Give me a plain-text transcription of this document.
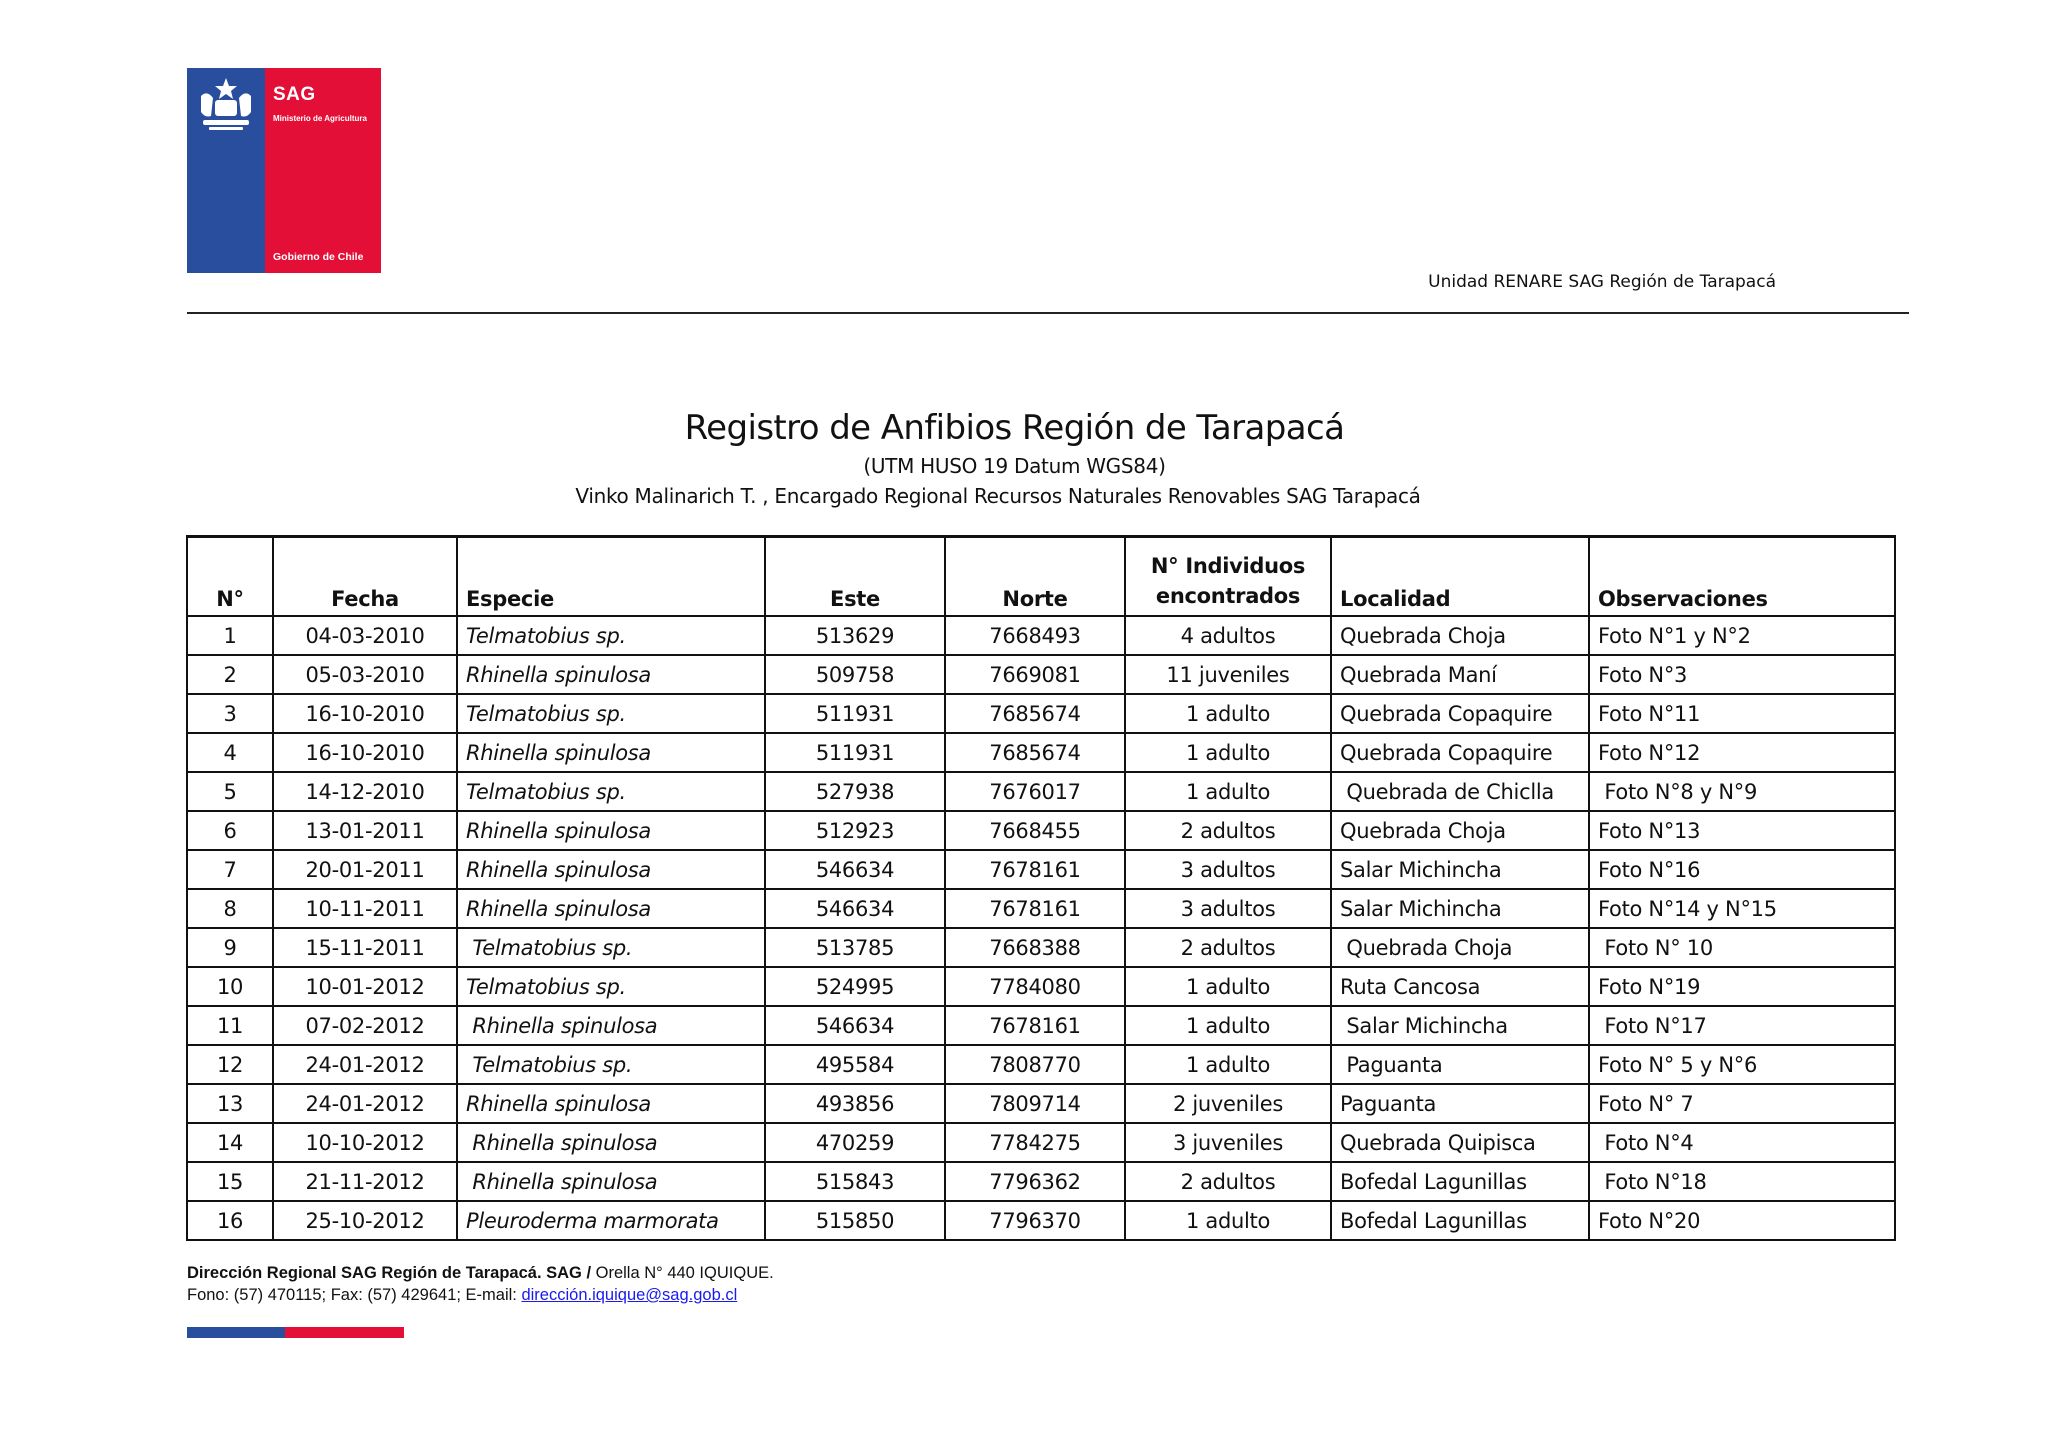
SAG
Ministerio de Agricultura
Gobierno de Chile
Unidad RENARE SAG Región de Tarapacá
Registro de Anfibios Región de Tarapacá
(UTM HUSO 19 Datum WGS84)
Vinko Malinarich T. , Encargado Regional Recursos Naturales Renovables SAG Tarapacá
N°	Fecha	Especie	Este	Norte	N° Individuos
encontrados	Localidad	Observaciones
1	04-03-2010	Telmatobius sp.	513629	7668493	4 adultos	Quebrada Choja	Foto N°1 y N°2
2	05-03-2010	Rhinella spinulosa	509758	7669081	11 juveniles	Quebrada Maní	Foto N°3
3	16-10-2010	Telmatobius sp.	511931	7685674	1 adulto	Quebrada Copaquire	Foto N°11
4	16-10-2010	Rhinella spinulosa	511931	7685674	1 adulto	Quebrada Copaquire	Foto N°12
5	14-12-2010	Telmatobius sp.	527938	7676017	1 adulto	Quebrada de Chiclla	Foto N°8 y N°9
6	13-01-2011	Rhinella spinulosa	512923	7668455	2 adultos	Quebrada Choja	Foto N°13
7	20-01-2011	Rhinella spinulosa	546634	7678161	3 adultos	Salar Michincha	Foto N°16
8	10-11-2011	Rhinella spinulosa	546634	7678161	3 adultos	Salar Michincha	Foto N°14 y N°15
9	15-11-2011	Telmatobius sp.	513785	7668388	2 adultos	Quebrada Choja	Foto N° 10
10	10-01-2012	Telmatobius sp.	524995	7784080	1 adulto	Ruta Cancosa	Foto N°19
11	07-02-2012	Rhinella spinulosa	546634	7678161	1 adulto	Salar Michincha	Foto N°17
12	24-01-2012	Telmatobius sp.	495584	7808770	1 adulto	Paguanta	Foto N° 5 y N°6
13	24-01-2012	Rhinella spinulosa	493856	7809714	2 juveniles	Paguanta	Foto N° 7
14	10-10-2012	Rhinella spinulosa	470259	7784275	3 juveniles	Quebrada Quipisca	Foto N°4
15	21-11-2012	Rhinella spinulosa	515843	7796362	2 adultos	Bofedal Lagunillas	Foto N°18
16	25-10-2012	Pleuroderma marmorata	515850	7796370	1 adulto	Bofedal Lagunillas	Foto N°20
Dirección Regional SAG Región de Tarapacá. SAG / Orella N° 440 IQUIQUE.
Fono: (57) 470115; Fax: (57) 429641; E-mail: dirección.iquique@sag.gob.cl
